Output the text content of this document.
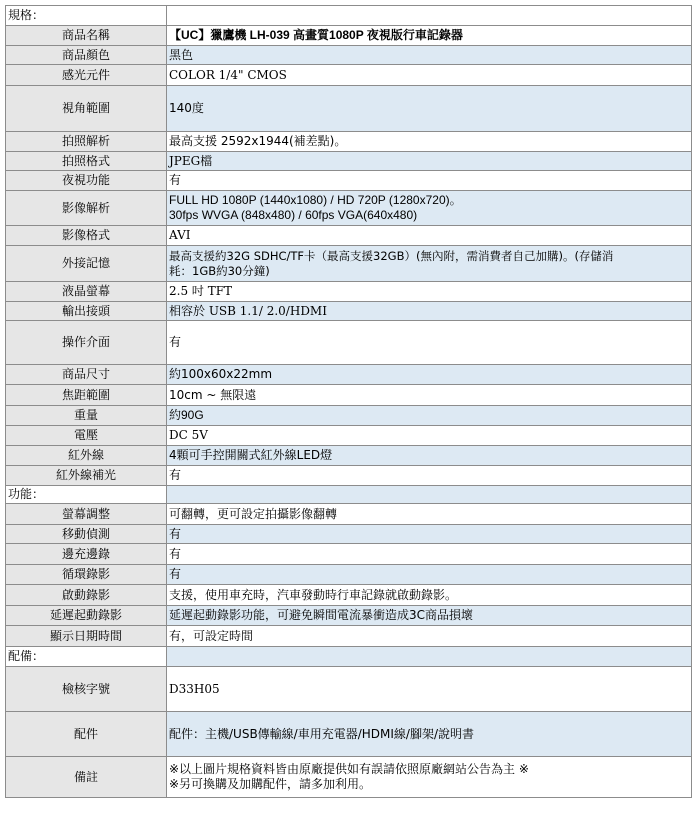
規格：	
商品名稱	【UC】獵鷹機 LH-039 高畫質1080P 夜視版行車記錄器
商品顏色	黑色
感光元件	COLOR 1/4" CMOS
視角範圍	140度
拍照解析	最高支援 2592x1944(補差點)。
拍照格式	JPEG檔
夜視功能	有
影像解析	FULL HD 1080P (1440x1080) / HD 720P (1280x720)。
30fps WVGA (848x480) / 60fps VGA(640x480)

影像格式	AVI
外接記憶	最高支援約32G SDHC/TF卡（最高支援32GB）(無內附，需消費者自己加購)。(存儲消
耗：1GB約30分鐘)

液晶螢幕	2.5 吋 TFT
輸出接頭	相容於 USB 1.1/ 2.0/HDMI
操作介面	有
商品尺寸	約100x60x22mm
焦距範圍	10cm ~ 無限遠
重量	約90G
電壓	DC 5V
紅外線	4顆可手控開關式紅外線LED燈
紅外線補光	有
功能：	
螢幕調整	可翻轉，更可設定拍攝影像翻轉
移動偵測	有
邊充邊錄	有
循環錄影	有
啟動錄影	支援，使用車充時，汽車發動時行車記錄就啟動錄影。
延遲起動錄影	延遲起動錄影功能，可避免瞬間電流暴衝造成3C商品損壞
顯示日期時間	有，可設定時間
配備：	
檢核字號	D33H05
配件	配件：主機/USB傳輸線/車用充電器/HDMI線/腳架/說明書
備註	※以上圖片規格資料皆由原廠提供如有誤請依照原廠網站公告為主 ※
※另可換購及加購配件，請多加利用。
